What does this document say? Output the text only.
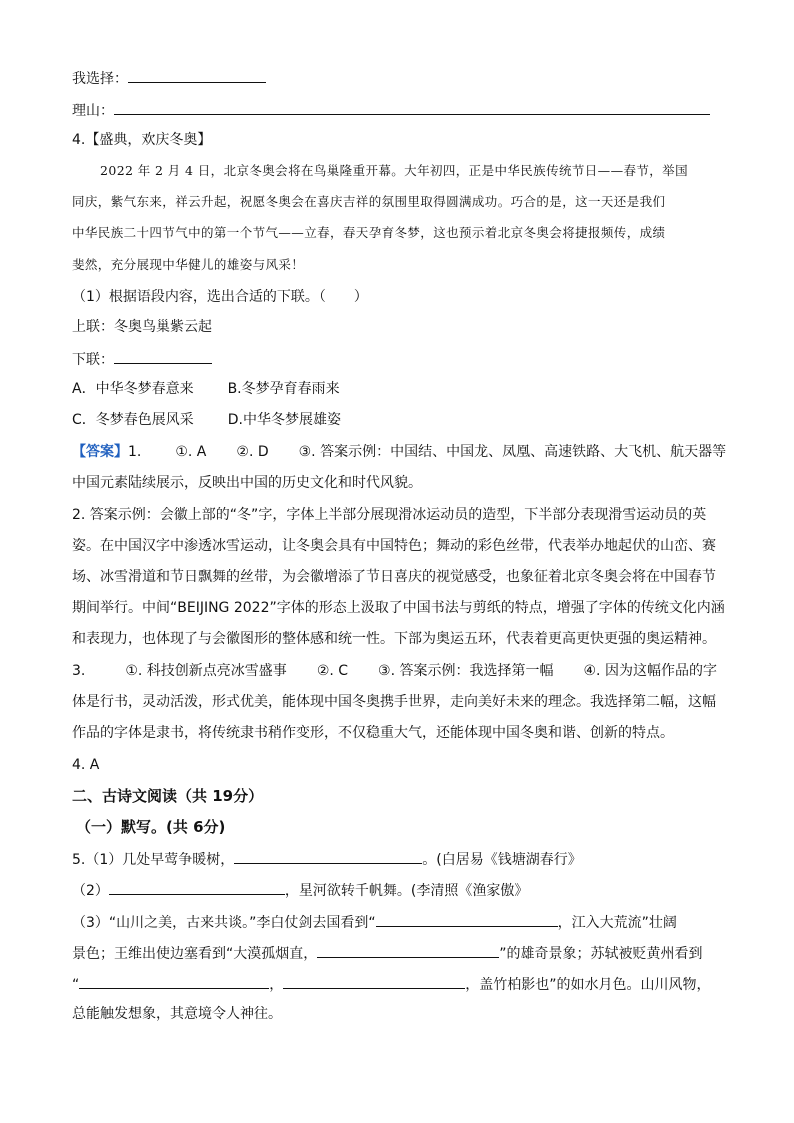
我选择：
理山：
4.【盛典，欢庆冬奥】
2022 年 2 月 4 日，北京冬奥会将在鸟巢隆重开幕。大年初四，正是中华民族传统节日——春节，举国
同庆，紫气东来，祥云升起，祝愿冬奥会在喜庆吉祥的氛围里取得圆满成功。巧合的是，这一天还是我们
中华民族二十四节气中的第一个节气——立春，春天孕育冬梦，这也预示着北京冬奥会将捷报频传，成绩
斐然，充分展现中华健儿的雄姿与风采！
（1）根据语段内容，选出合适的下联。（　　）
上联：冬奥鸟巢紫云起
下联：
A．中华冬梦春意来 B.冬梦孕育春雨来
C．冬梦春色展风采 D.中华冬梦展雄姿
【答案】1. ①. A ②. D ③. 答案示例：中国结、中国龙、凤凰、高速铁路、大飞机、航天器等
中国元素陆续展示，反映出中国的历史文化和时代风貌。
2. 答案示例：会徽上部的“冬”字，字体上半部分展现滑冰运动员的造型，下半部分表现滑雪运动员的英
姿。在中国汉字中渗透冰雪运动，让冬奥会具有中国特色；舞动的彩色丝带，代表举办地起伏的山峦、赛
场、冰雪滑道和节日飘舞的丝带，为会徽增添了节日喜庆的视觉感受，也象征着北京冬奥会将在中国春节
期间举行。中间“BEIJING 2022”字体的形态上汲取了中国书法与剪纸的特点，增强了字体的传统文化内涵
和表现力，也体现了与会徽图形的整体感和统一性。下部为奥运五环，代表着更高更快更强的奥运精神。
3.	①. 科技创新点亮冰雪盛事 ②. C ③. 答案示例：我选择第一幅 ④. 因为这幅作品的字
体是行书，灵动活泼，形式优美，能体现中国冬奥携手世界，走向美好未来的理念。我选择第二幅，这幅
作品的字体是隶书，将传统隶书稍作变形，不仅稳重大气，还能体现中国冬奥和谐、创新的特点。
4. A
二、古诗文阅读（共 19分）
（一）默写。(共 6分)
5.（1）几处早莺争暖树，	。(白居易《钱塘湖春行》
（2）	，星河欲转千帆舞。(李清照《渔家傲》
（3）“山川之美，古来共谈。”李白仗剑去国看到“	，江入大荒流”壮阔
景色；王维出使边塞看到“大漠孤烟直，	”的雄奇景象；苏轼被贬黄州看到
“	，	，盖竹柏影也”的如水月色。山川风物，
总能触发想象，其意境令人神往。
